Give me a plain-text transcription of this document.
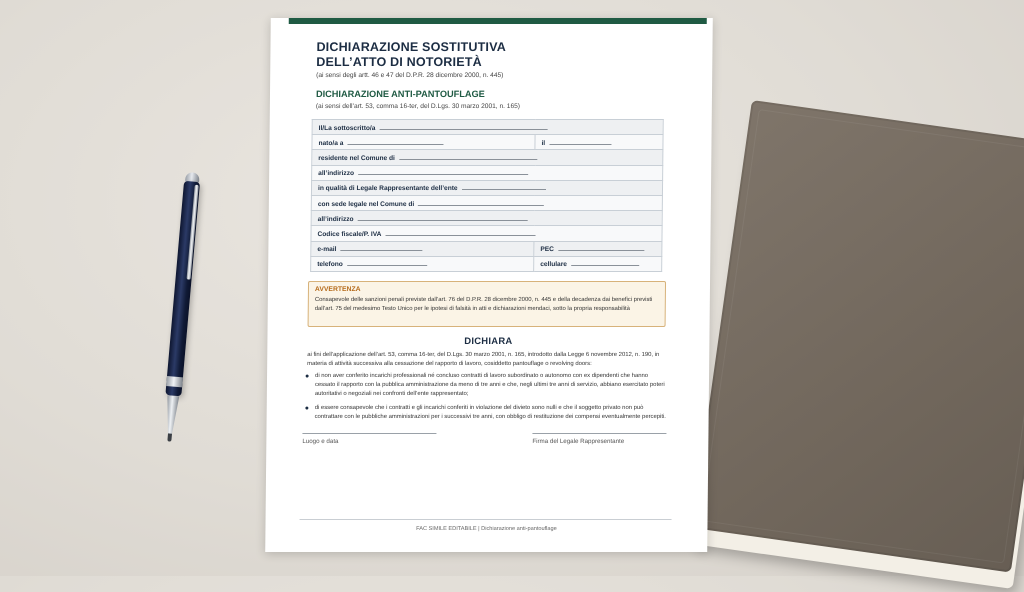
DICHIARAZIONE SOSTITUTIVA
DELL’ATTO DI NOTORIETÀ
(ai sensi degli artt. 46 e 47 del D.P.R. 28 dicembre 2000, n. 445)
DICHIARAZIONE ANTI-PANTOUFLAGE
(ai sensi dell’art. 53, comma 16-ter, del D.Lgs. 30 marzo 2001, n. 165)
Il/La sottoscritto/a	
nato/a a	il
residente nel Comune di	
all’indirizzo	
in qualità di Legale Rappresentante dell’ente	
con sede legale nel Comune di	
all’indirizzo	
Codice fiscale/P. IVA	
e-mail	PEC
telefono	cellulare
AVVERTENZA
Consapevole delle sanzioni penali previste dall’art. 76 del D.P.R. 28 dicembre 2000, n. 445 e della decadenza dai benefici previsti dall’art. 75 del medesimo Testo Unico per le ipotesi di falsità in atti e dichiarazioni mendaci, sotto la propria responsabilità
DICHIARA
ai fini dell’applicazione dell’art. 53, comma 16-ter, del D.Lgs. 30 marzo 2001, n. 165, introdotto dalla Legge 6 novembre 2012, n. 190, in materia di attività successiva alla cessazione del rapporto di lavoro, cosiddetto pantouflage o revolving doors:
● di non aver conferito incarichi professionali né concluso contratti di lavoro subordinato o autonomo con ex dipendenti che hanno cessato il rapporto con la pubblica amministrazione da meno di tre anni e che, negli ultimi tre anni di servizio, abbiano esercitato poteri autoritativi o negoziali nei confronti dell’ente rappresentato;
● di essere consapevole che i contratti e gli incarichi conferiti in violazione del divieto sono nulli e che il soggetto privato non può contrattare con le pubbliche amministrazioni per i successivi tre anni, con obbligo di restituzione dei compensi eventualmente percepiti.
Luogo e data	Firma del Legale Rappresentante
FAC SIMILE EDITABILE | Dichiarazione anti-pantouflage
